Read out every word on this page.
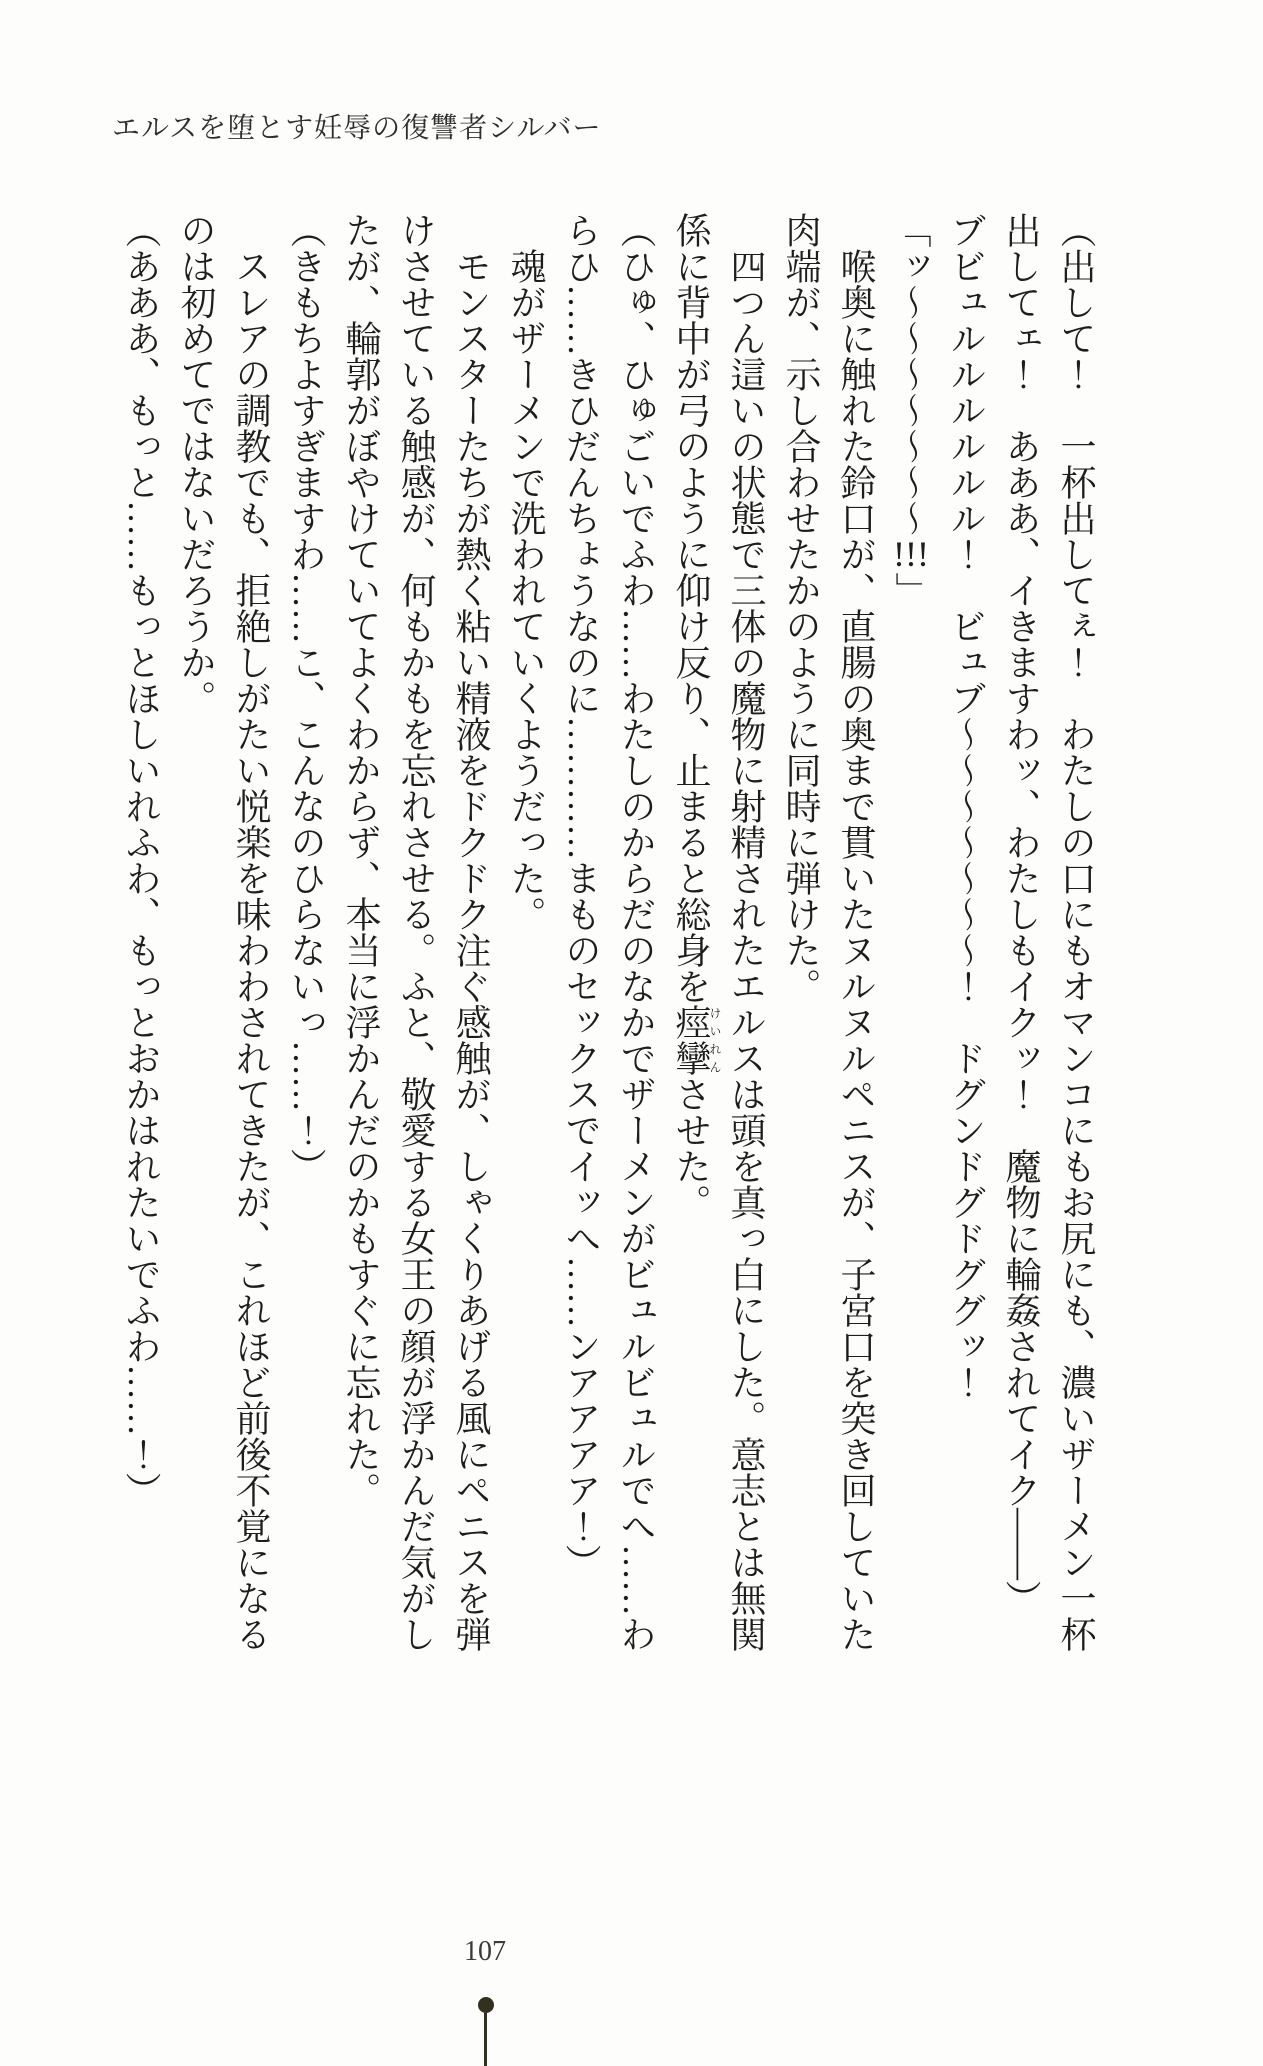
エルスを堕とす妊辱の復讐者シルバー

（出して！　一杯出してぇ！　わたしの口にもオマンコにもお尻にも、濃いザーメン一杯出してェ！　あああ、イきますわッ、わたしもイクッ！　魔物に輪姦されてイク――）

ブビュルルルルルル！　ビュブ～～～～～～～！　ドグンドグドググッ！

「ッ～～～～～～～!!!」

喉奥に触れた鈴口が、直腸の奥まで貫いたヌルヌルペニスが、子宮口を突き回していた肉端が、示し合わせたかのように同時に弾けた。

四つん這いの状態で三体の魔物に射精されたエルスは頭を真っ白にした。意志とは無関係に背中が弓のように仰け反り、止まると総身を痙攣けいれんさせた。

（ひゅ、ひゅごいでふわ……わたしのからだのなかでザーメンがビュルビュルでへ……わらひ……きひだんちょうなのに…………まものセックスでイッへ……ンアアアア！）

魂がザーメンで洗われていくようだった。

モンスターたちが熱く粘い精液をドクドク注ぐ感触が、しゃくりあげる風にペニスを弾けさせている触感が、何もかもを忘れさせる。ふと、敬愛する女王の顔が浮かんだ気がしたが、輪郭がぼやけていてよくわからず、本当に浮かんだのかもすぐに忘れた。

（きもちよすぎますわ……こ、こんなのひらないっ……！）

スレアの調教でも、拒絶しがたい悦楽を味わわされてきたが、これほど前後不覚になるのは初めてではないだろうか。

（あああ、もっと……もっとほしいれふわ、もっとおかはれたいでふわ……！）

107
